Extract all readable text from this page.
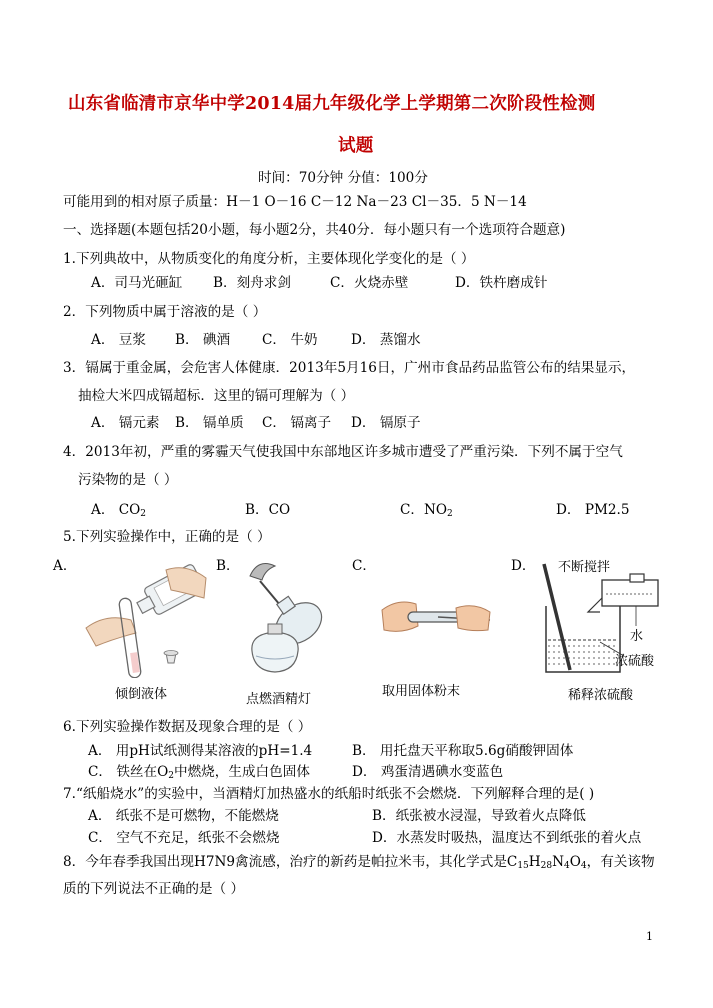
山东省临清市京华中学2014届九年级化学上学期第二次阶段性检测
试题
时间：70分钟 分值：100分
可能用到的相对原子质量：H－1 O－16 C－12 Na－23 Cl－35．5 N－14
一、选择题(本题包括20小题，每小题2分，共40分．每小题只有一个选项符合题意)
1.下列典故中，从物质变化的角度分析，主要体现化学变化的是（ ）
A．司马光砸缸 B．刻舟求剑	C．火烧赤壁	D．铁杵磨成针
2．下列物质中属于溶液的是（ ）
A． 豆浆 B． 碘酒 C． 牛奶 D． 蒸馏水
3．镉属于重金属，会危害人体健康．2013年5月16日，广州市食品药品监管公布的结果显示，
抽检大米四成镉超标．这里的镉可理解为（ ）
A． 镉元素 B． 镉单质 C． 镉离子 D． 镉原子
4．2013年初，严重的雾霾天气使我国中东部地区许多城市遭受了严重污染．下列不属于空气
污染物的是（ ）
A． $CO_2$	B．CO	C．$NO_2$	D． PM2.5
5.下列实验操作中，正确的是（ ）
A．	B．	C．	D．
倾倒液体	点燃酒精灯
取用固体粉末
不断搅拌
水
浓硫酸
稀释浓硫酸
6.下列实验操作数据及现象合理的是（ ）
A． 用pH试纸测得某溶液的pH=1.4	B． 用托盘天平称取5.6g硝酸钾固体
C． 铁丝在$O_2$中燃烧，生成白色固体	D． 鸡蛋清遇碘水变蓝色
7.“纸船烧水”的实验中，当酒精灯加热盛水的纸船时纸张不会燃烧．下列解释合理的是( )
A． 纸张不是可燃物，不能燃烧	B．纸张被水浸湿，导致着火点降低
C． 空气不充足，纸张不会燃烧	D．水蒸发时吸热，温度达不到纸张的着火点
8．今年春季我国出现H7N9禽流感，治疗的新药是帕拉米韦，其化学式是$C_{15}H_{28}N_4O_4$，有关该物
质的下列说法不正确的是（ ）
1
